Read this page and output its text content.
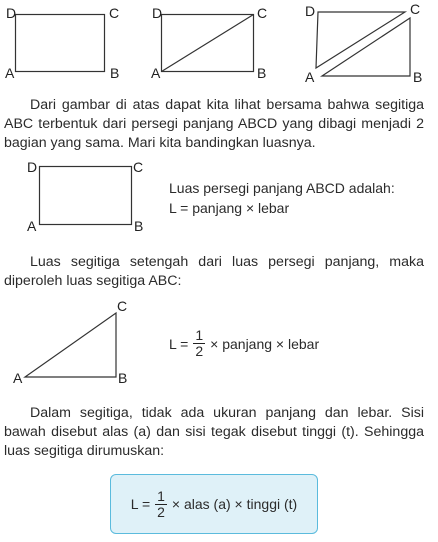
D	C
A	B
D	C
A	B
D	C
A	B
Dari gambar di atas dapat kita lihat bersama bahwa segitiga ABC terbentuk dari persegi panjang ABCD yang dibagi menjadi 2 bagian yang sama. Mari kita bandingkan luasnya.
D	C
A	B
Luas persegi panjang ABCD adalah:
L = panjang × lebar
Luas segitiga setengah dari luas persegi panjang, maka diperoleh luas segitiga ABC:
C
A	B
$L = \frac{1}{2}$ × panjang × lebar
Dalam segitiga, tidak ada ukuran panjang dan lebar. Sisi bawah disebut alas (a) dan sisi tegak disebut tinggi (t). Sehingga luas segitiga dirumuskan:
$L = \frac{1}{2}$ × alas (a) × tinggi (t)
